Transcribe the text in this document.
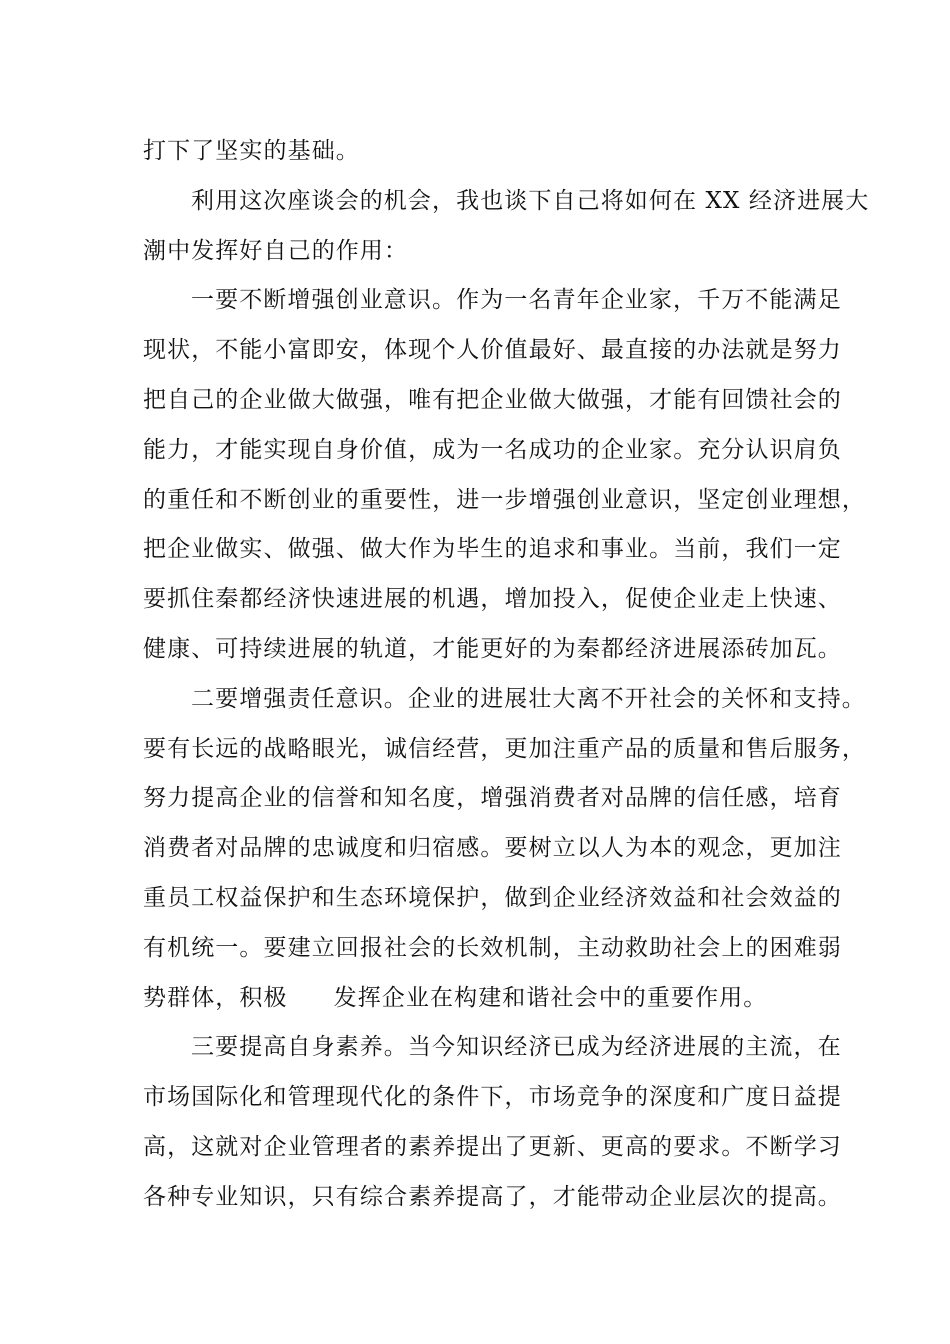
打下了坚实的基础。

利用这次座谈会的机会，我也谈下自己将如何在 XX 经济进展大
潮中发挥好自己的作用：

一要不断增强创业意识。作为一名青年企业家，千万不能满足
现状，不能小富即安，体现个人价值最好、最直接的办法就是努力
把自己的企业做大做强，唯有把企业做大做强，才能有回馈社会的
能力，才能实现自身价值，成为一名成功的企业家。充分认识肩负
的重任和不断创业的重要性，进一步增强创业意识，坚定创业理想，
把企业做实、做强、做大作为毕生的追求和事业。当前，我们一定
要抓住秦都经济快速进展的机遇，增加投入，促使企业走上快速、
健康、可持续进展的轨道，才能更好的为秦都经济进展添砖加瓦。

二要增强责任意识。企业的进展壮大离不开社会的关怀和支持。
要有长远的战略眼光，诚信经营，更加注重产品的质量和售后服务，
努力提高企业的信誉和知名度，增强消费者对品牌的信任感，培育
消费者对品牌的忠诚度和归宿感。要树立以人为本的观念，更加注
重员工权益保护和生态环境保护，做到企业经济效益和社会效益的
有机统一。要建立回报社会的长效机制，主动救助社会上的困难弱
势群体，积极 发挥企业在构建和谐社会中的重要作用。

三要提高自身素养。当今知识经济已成为经济进展的主流，在
市场国际化和管理现代化的条件下，市场竞争的深度和广度日益提
高，这就对企业管理者的素养提出了更新、更高的要求。不断学习
各种专业知识，只有综合素养提高了，才能带动企业层次的提高。
